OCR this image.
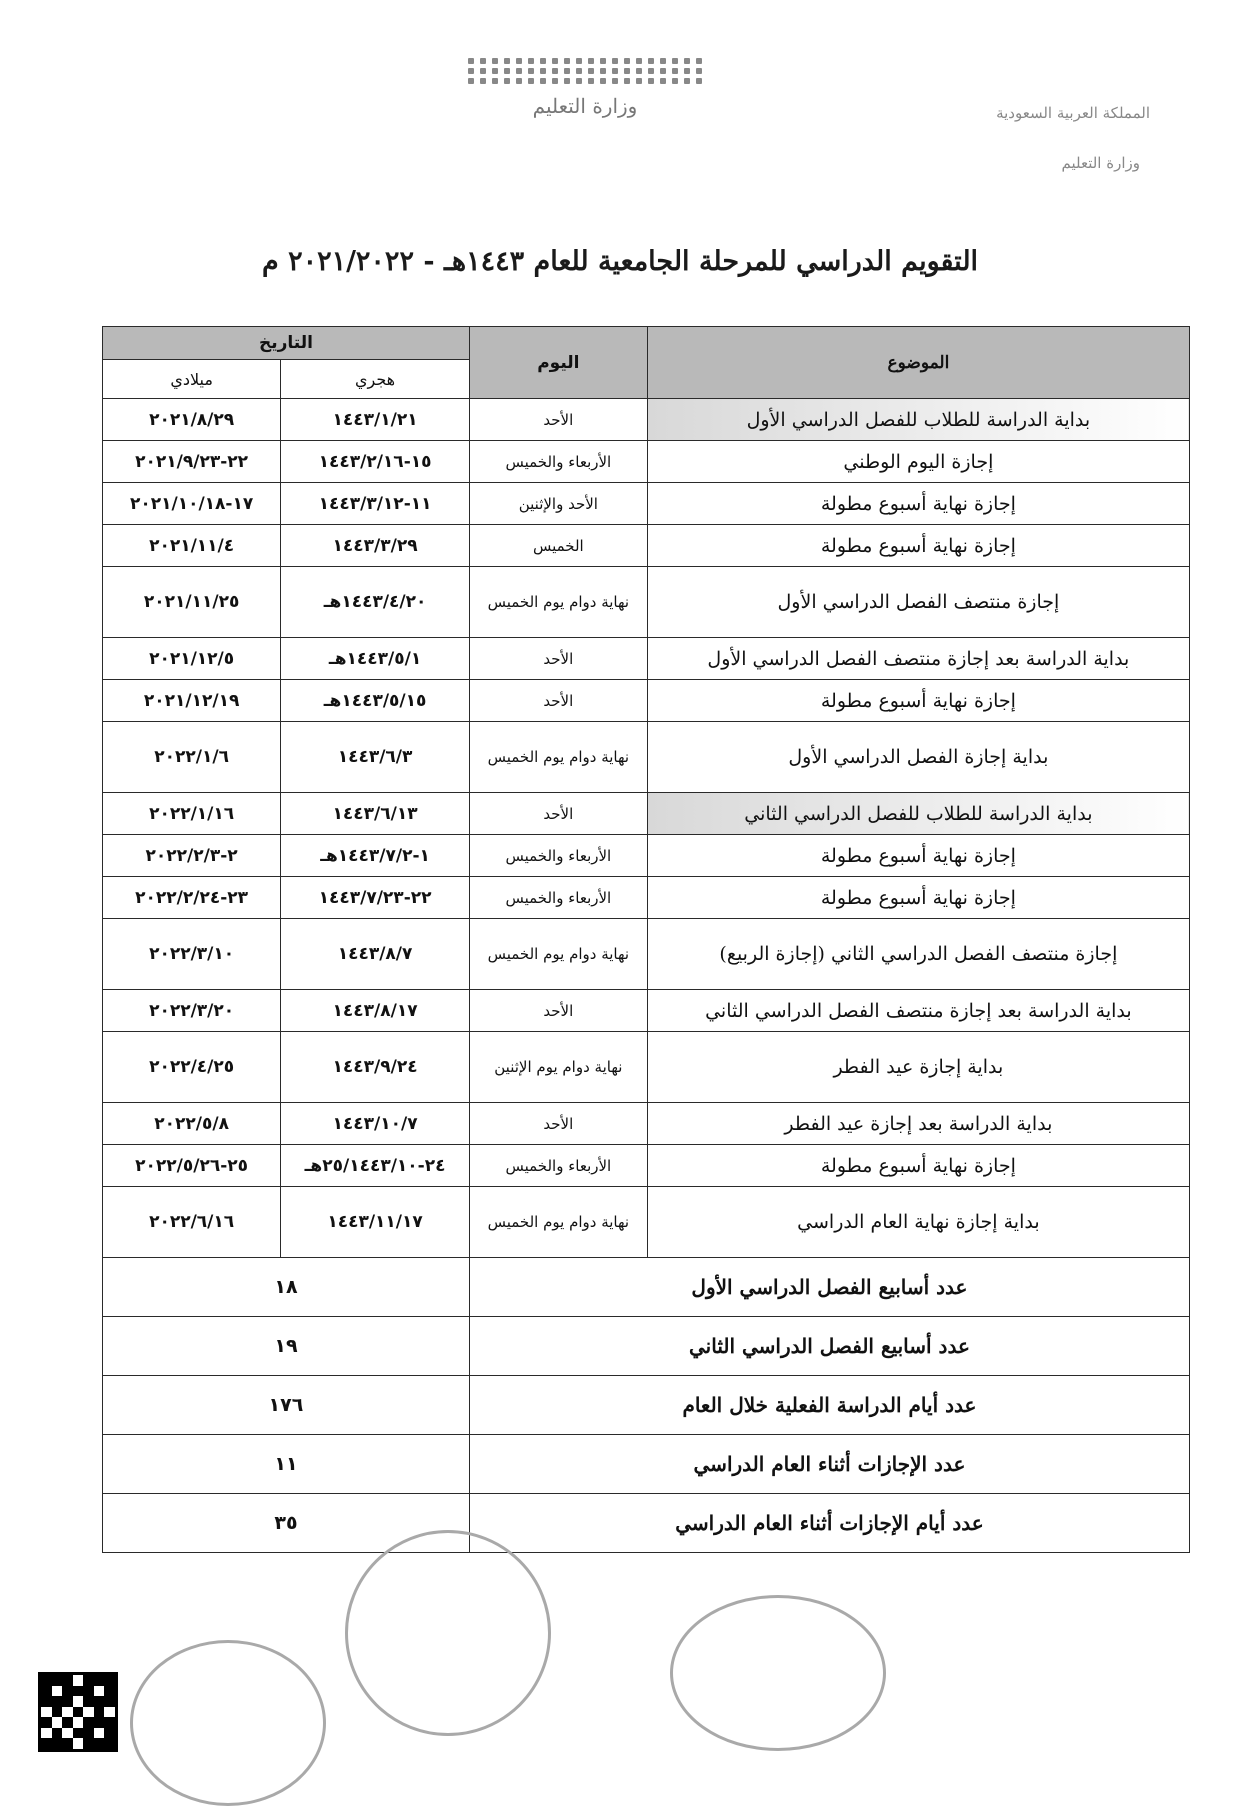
وزارة التعليم	المملكة العربية السعودية
وزارة التعليم
التقويم الدراسي للمرحلة الجامعية للعام ١٤٤٣هـ - ٢٠٢١/٢٠٢٢ م
الموضوع	اليوم	التاريخ	
		هجري	ميلادي
بداية الدراسة للطلاب للفصل الدراسي الأول	الأحد	١٤٤٣/١/٢١	٢٠٢١/٨/٢٩
إجازة اليوم الوطني	الأربعاء والخميس	١٥-١٤٤٣/٢/١٦	٢٢-٢٠٢١/٩/٢٣
إجازة نهاية أسبوع مطولة	الأحد والإثنين	١١-١٤٤٣/٣/١٢	١٧-٢٠٢١/١٠/١٨
إجازة نهاية أسبوع مطولة	الخميس	١٤٤٣/٣/٢٩	٢٠٢١/١١/٤
إجازة منتصف الفصل الدراسي الأول	نهاية دوام يوم الخميس	١٤٤٣/٤/٢٠هـ	٢٠٢١/١١/٢٥
بداية الدراسة بعد إجازة منتصف الفصل الدراسي الأول	الأحد	١٤٤٣/٥/١هـ	٢٠٢١/١٢/٥
إجازة نهاية أسبوع مطولة	الأحد	١٤٤٣/٥/١٥هـ	٢٠٢١/١٢/١٩
بداية إجازة الفصل الدراسي الأول	نهاية دوام يوم الخميس	١٤٤٣/٦/٣	٢٠٢٢/١/٦
بداية الدراسة للطلاب للفصل الدراسي الثاني	الأحد	١٤٤٣/٦/١٣	٢٠٢٢/١/١٦
إجازة نهاية أسبوع مطولة	الأربعاء والخميس	١-١٤٤٣/٧/٢هـ	٢-٢٠٢٢/٢/٣
إجازة نهاية أسبوع مطولة	الأربعاء والخميس	٢٢-١٤٤٣/٧/٢٣	٢٣-٢٠٢٢/٢/٢٤
إجازة منتصف الفصل الدراسي الثاني (إجازة الربيع)	نهاية دوام يوم الخميس	١٤٤٣/٨/٧	٢٠٢٢/٣/١٠
بداية الدراسة بعد إجازة منتصف الفصل الدراسي الثاني	الأحد	١٤٤٣/٨/١٧	٢٠٢٢/٣/٢٠
بداية إجازة عيد الفطر	نهاية دوام يوم الإثنين	١٤٤٣/٩/٢٤	٢٠٢٢/٤/٢٥
بداية الدراسة بعد إجازة عيد الفطر	الأحد	١٤٤٣/١٠/٧	٢٠٢٢/٥/٨
إجازة نهاية أسبوع مطولة	الأربعاء والخميس	٢٤-٢٥/١٤٤٣/١٠هـ	٢٥-٢٠٢٢/٥/٢٦
بداية إجازة نهاية العام الدراسي	نهاية دوام يوم الخميس	١٤٤٣/١١/١٧	٢٠٢٢/٦/١٦
عدد أسابيع الفصل الدراسي الأول		١٨	
عدد أسابيع الفصل الدراسي الثاني		١٩	
عدد أيام الدراسة الفعلية خلال العام		١٧٦	
عدد الإجازات أثناء العام الدراسي		١١	
عدد أيام الإجازات أثناء العام الدراسي		٣٥	
